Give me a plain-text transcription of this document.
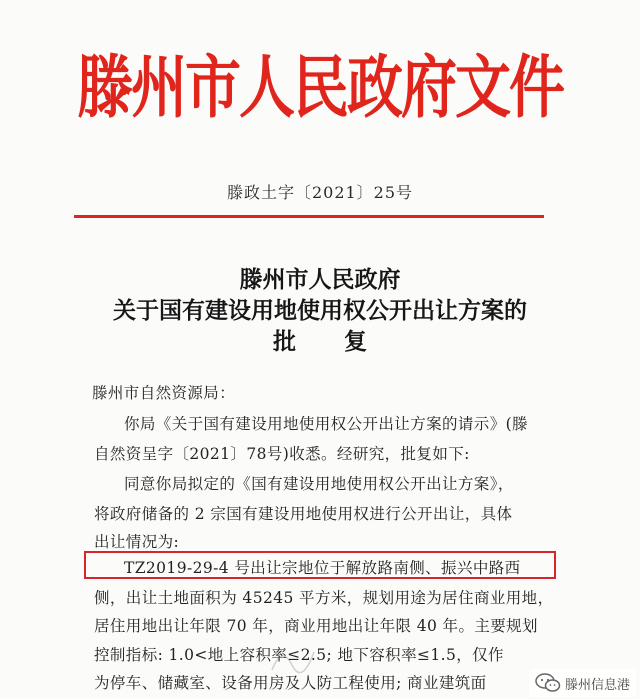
滕州市人民政府文件
滕政土字〔2021〕25号
滕州市人民政府
关于国有建设用地使用权公开出让方案的
批复
滕州市自然资源局：
你局《关于国有建设用地使用权公开出让方案的请示》(滕
自然资呈字〔2021〕78号)收悉。经研究，批复如下:
同意你局拟定的《国有建设用地使用权公开出让方案》，
将政府储备的 2 宗国有建设用地使用权进行公开出让，具体
出让情况为:
TZ2019-29-4 号出让宗地位于解放路南侧、振兴中路西
侧，出让土地面积为 45245 平方米，规划用途为居住商业用地，
居住用地出让年限 70 年，商业用地出让年限 40 年。主要规划
控制指标: 1.0<地上容积率≤2.5; 地下容积率≤1.5，仅作
为停车、储藏室、设备用房及人防工程使用; 商业建筑面	滕州信息港
